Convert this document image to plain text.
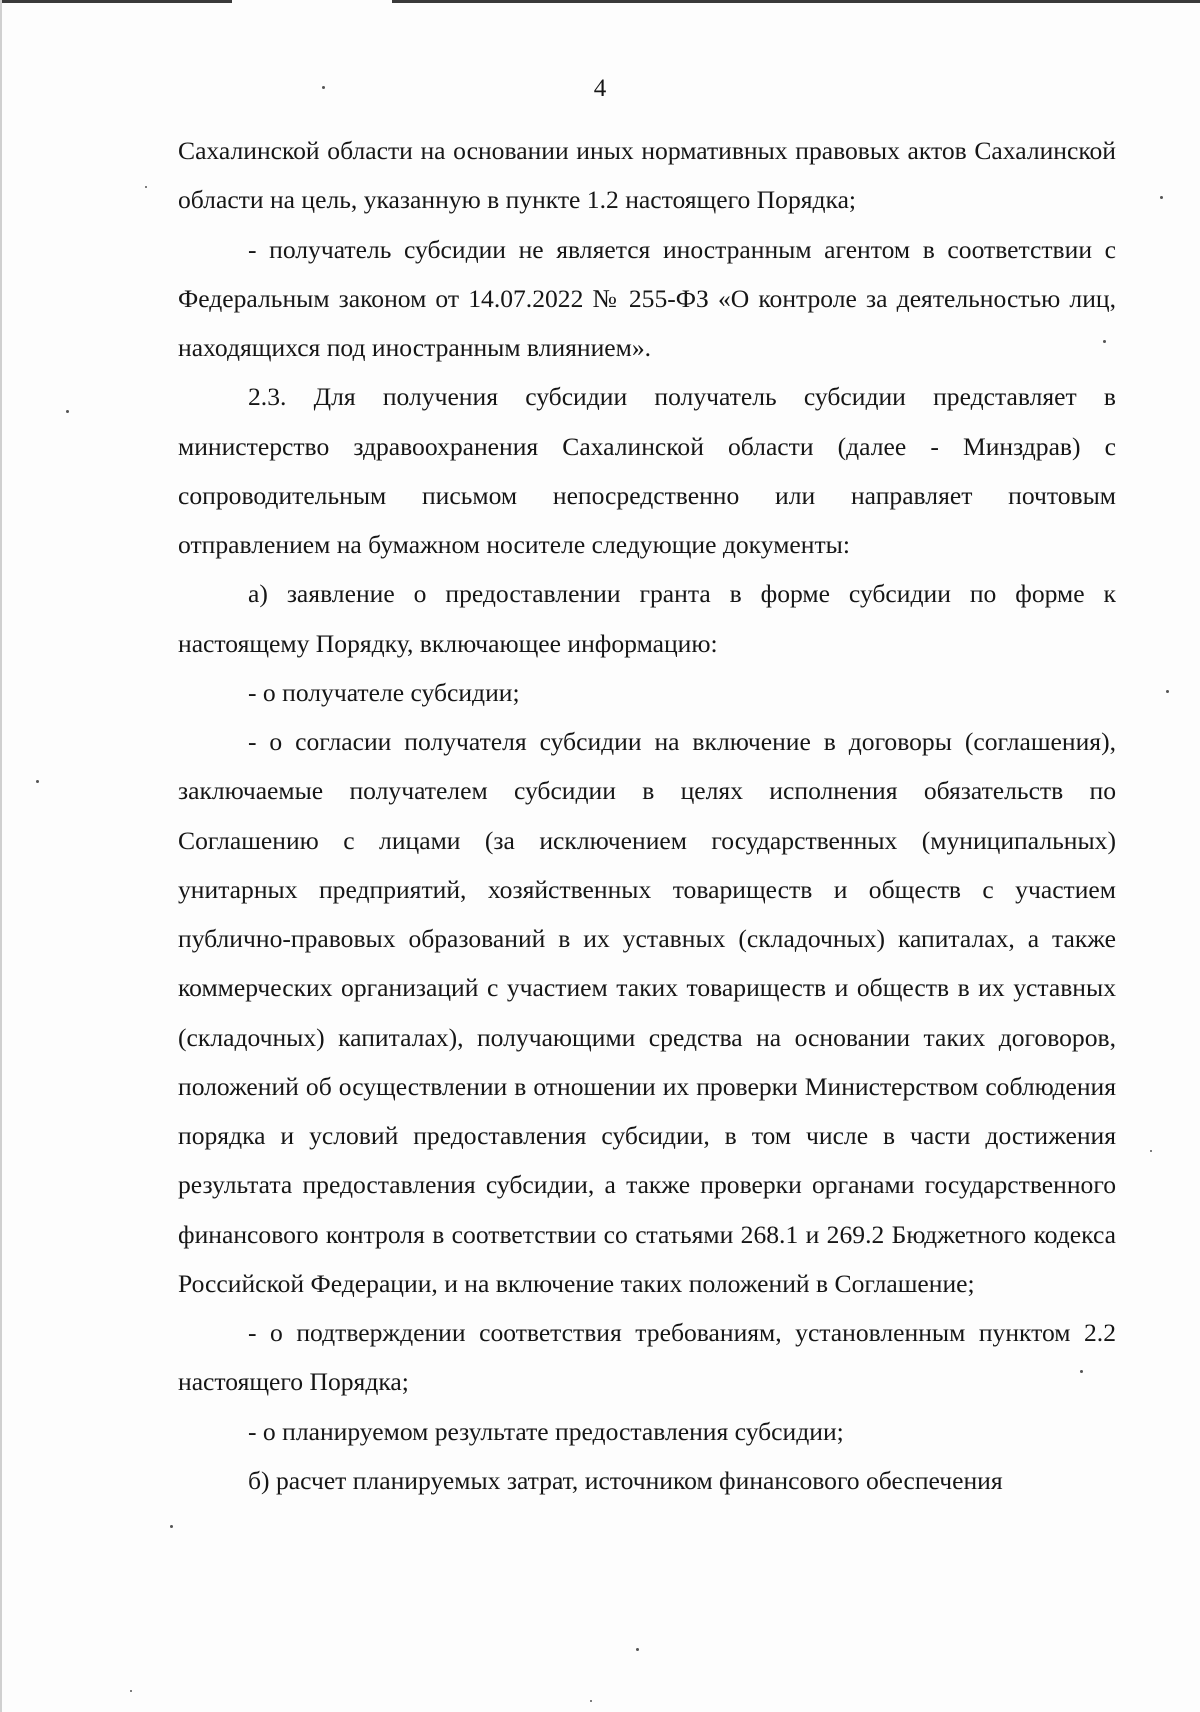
4

Сахалинской области на основании иных нормативных правовых актов Сахалинской области на цель, указанную в пункте 1.2 настоящего Порядка;

- получатель субсидии не является иностранным агентом в соответствии с Федеральным законом от 14.07.2022 № 255-ФЗ «О контроле за деятельностью лиц, находящихся под иностранным влиянием».

2.3. Для получения субсидии получатель субсидии представляет в министерство здравоохранения Сахалинской области (далее - Минздрав) с сопроводительным письмом непосредственно или направляет почтовым отправлением на бумажном носителе следующие документы:

а) заявление о предоставлении гранта в форме субсидии по форме к настоящему Порядку, включающее информацию:

- о получателе субсидии;

- о согласии получателя субсидии на включение в договоры (соглашения), заключаемые получателем субсидии в целях исполнения обязательств по Соглашению с лицами (за исключением государственных (муниципальных) унитарных предприятий, хозяйственных товариществ и обществ с участием публично-правовых образований в их уставных (складочных) капиталах, а также коммерческих организаций с участием таких товариществ и обществ в их уставных (складочных) капиталах), получающими средства на основании таких договоров, положений об осуществлении в отношении их проверки Министерством соблюдения порядка и условий предоставления субсидии, в том числе в части достижения результата предоставления субсидии, а также проверки органами государственного финансового контроля в соответствии со статьями 268.1 и 269.2 Бюджетного кодекса Российской Федерации, и на включение таких положений в Соглашение;

- о подтверждении соответствия требованиям, установленным пунктом 2.2 настоящего Порядка;

- о планируемом результате предоставления субсидии;

б) расчет планируемых затрат, источником финансового обеспечения
